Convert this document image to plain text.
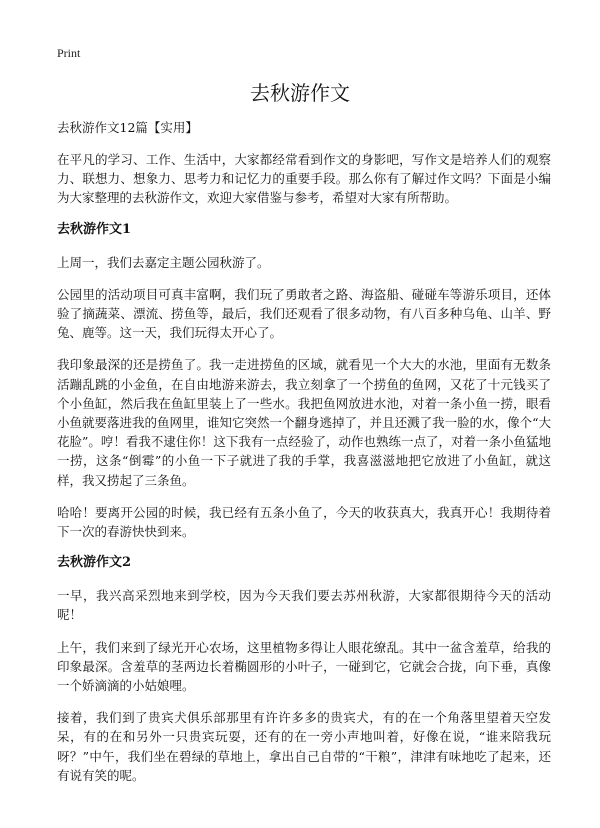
Print
去秋游作文
去秋游作文12篇【实用】

在平凡的学习、工作、生活中，大家都经常看到作文的身影吧，写作文是培养人们的观察力、联想力、想象力、思考力和记忆力的重要手段。那么你有了解过作文吗？下面是小编为大家整理的去秋游作文，欢迎大家借鉴与参考，希望对大家有所帮助。

去秋游作文1

上周一，我们去嘉定主题公园秋游了。

公园里的活动项目可真丰富啊，我们玩了勇敢者之路、海盗船、碰碰车等游乐项目，还体验了摘蔬菜、漂流、捞鱼等，最后，我们还观看了很多动物，有八百多种乌龟、山羊、野兔、鹿等。这一天，我们玩得太开心了。

我印象最深的还是捞鱼了。我一走进捞鱼的区域，就看见一个大大的水池，里面有无数条活蹦乱跳的小金鱼，在自由地游来游去，我立刻拿了一个捞鱼的鱼网，又花了十元钱买了个小鱼缸，然后我在鱼缸里装上了一些水。我把鱼网放进水池，对着一条小鱼一捞，眼看小鱼就要落进我的鱼网里，谁知它突然一个翻身逃掉了，并且还溅了我一脸的水，像个“大花脸”。哼！看我不逮住你！这下我有一点经验了，动作也熟练一点了，对着一条小鱼猛地一捞，这条“倒霉”的小鱼一下子就进了我的手掌，我喜滋滋地把它放进了小鱼缸，就这样，我又捞起了三条鱼。

哈哈！要离开公园的时候，我已经有五条小鱼了，今天的收获真大，我真开心！我期待着下一次的春游快快到来。

去秋游作文2

一早，我兴高采烈地来到学校，因为今天我们要去苏州秋游，大家都很期待今天的活动呢！

上午，我们来到了绿光开心农场，这里植物多得让人眼花缭乱。其中一盆含羞草，给我的印象最深。含羞草的茎两边长着椭圆形的小叶子，一碰到它，它就会合拢，向下垂，真像一个娇滴滴的小姑娘哩。

接着，我们到了贵宾犬俱乐部那里有许许多多的贵宾犬，有的在一个角落里望着天空发呆，有的在和另外一只贵宾玩耍，还有的在一旁小声地叫着，好像在说，“谁来陪我玩呀？”中午，我们坐在碧绿的草地上，拿出自己自带的“干粮”，津津有味地吃了起来，还有说有笑的呢。
